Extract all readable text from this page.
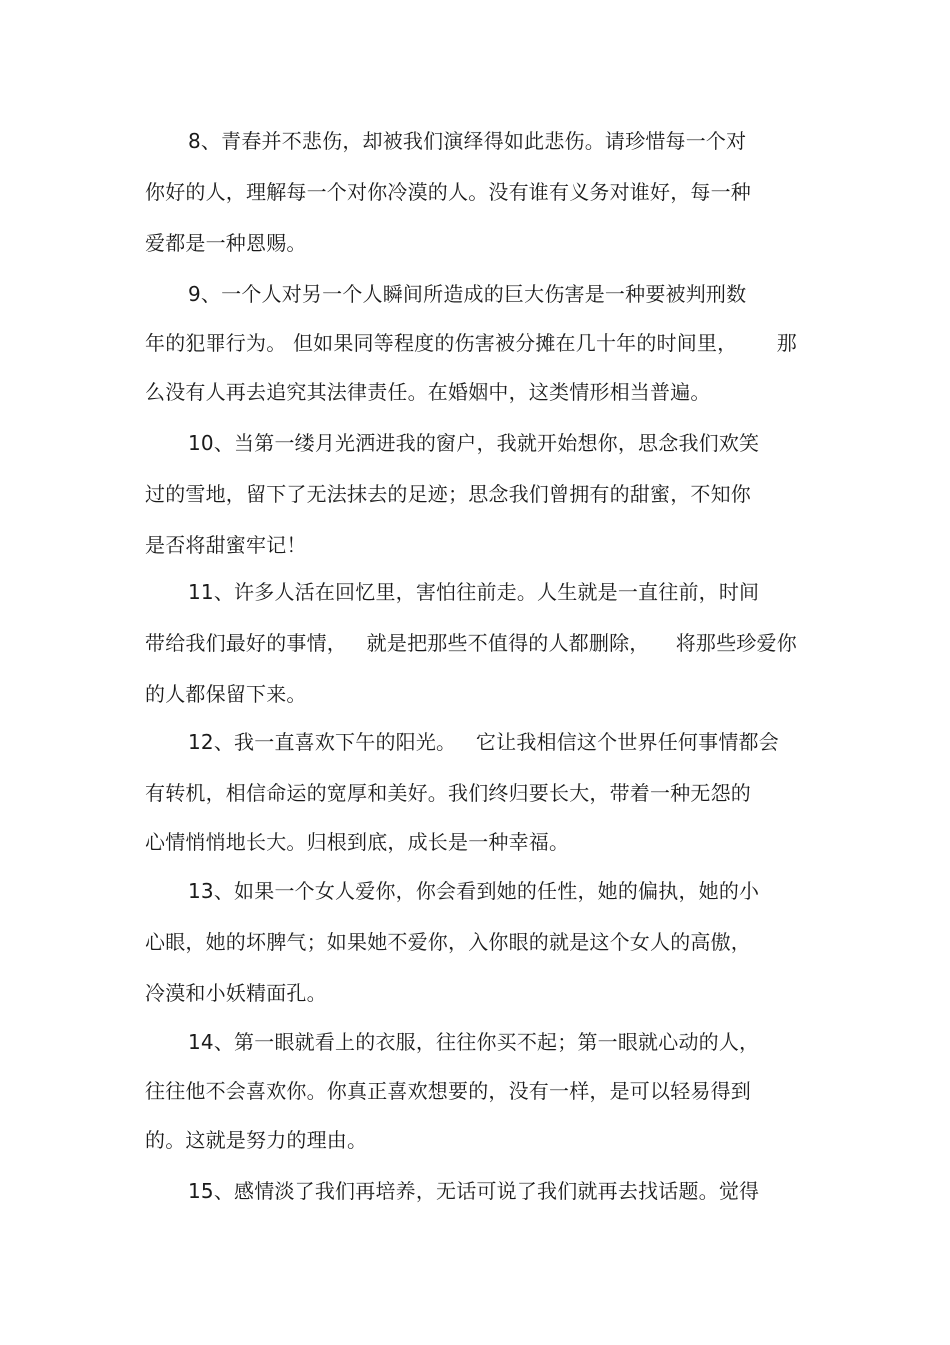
8、青春并不悲伤，却被我们演绎得如此悲伤。请珍惜每一个对
你好的人，理解每一个对你冷漠的人。没有谁有义务对谁好，每一种
爱都是一种恩赐。
9、一个人对另一个人瞬间所造成的巨大伤害是一种要被判刑数
年的犯罪行为。 但如果同等程度的伤害被分摊在几十年的时间里，      那
么没有人再去追究其法律责任。在婚姻中，这类情形相当普遍。
10、当第一缕月光洒进我的窗户，我就开始想你，思念我们欢笑
过的雪地，留下了无法抹去的足迹；思念我们曾拥有的甜蜜，不知你
是否将甜蜜牢记！
11、许多人活在回忆里，害怕往前走。人生就是一直往前，时间
带给我们最好的事情，   就是把那些不值得的人都删除，    将那些珍爱你
的人都保留下来。
12、我一直喜欢下午的阳光。   它让我相信这个世界任何事情都会
有转机，相信命运的宽厚和美好。我们终归要长大，带着一种无怨的
心情悄悄地长大。归根到底，成长是一种幸福。
13、如果一个女人爱你，你会看到她的任性，她的偏执，她的小
心眼，她的坏脾气；如果她不爱你，入你眼的就是这个女人的高傲，
冷漠和小妖精面孔。
14、第一眼就看上的衣服，往往你买不起；第一眼就心动的人，
往往他不会喜欢你。你真正喜欢想要的，没有一样，是可以轻易得到
的。这就是努力的理由。
15、感情淡了我们再培养，无话可说了我们就再去找话题。觉得
